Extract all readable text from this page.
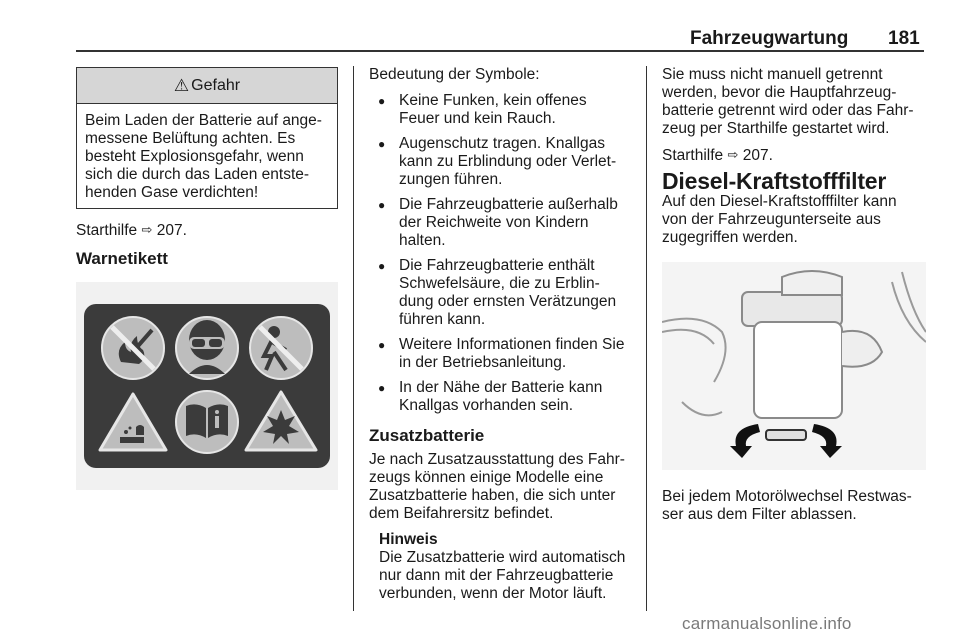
Fahrzeugwartung 181
⚠ Gefahr

Beim Laden der Batterie auf ange-

messene Belüftung achten. Es

besteht Explosionsgefahr, wenn

sich die durch das Laden entste-

henden Gase verdichten!

Starthilfe ⇨ 207.
Warnetikett

Bedeutung der Symbole:

● Keine Funken, kein offenes

Feuer und kein Rauch.

● Augenschutz tragen. Knallgas

kann zu Erblindung oder Verlet-

zungen führen.

● Die Fahrzeugbatterie außerhalb

der Reichweite von Kindern

halten.

● Die Fahrzeugbatterie enthält

Schwefelsäure, die zu Erblin-

dung oder ernsten Verätzungen

führen kann.

● Weitere Informationen finden Sie

in der Betriebsanleitung.

● In der Nähe der Batterie kann

Knallgas vorhanden sein.

Zusatzbatterie

Je nach Zusatzausstattung des Fahr-

zeugs können einige Modelle eine

Zusatzbatterie haben, die sich unter

dem Beifahrersitz befindet.

Hinweis

Die Zusatzbatterie wird automatisch

nur dann mit der Fahrzeugbatterie

verbunden, wenn der Motor läuft.

Sie muss nicht manuell getrennt

werden, bevor die Hauptfahrzeug-

batterie getrennt wird oder das Fahr-

zeug per Starthilfe gestartet wird.

Starthilfe ⇨ 207.

Diesel-Kraftstofffilter

Auf den Diesel-Kraftstofffilter kann

von der Fahrzeugunterseite aus

zugegriffen werden.

Bei jedem Motorölwechsel Restwas-

ser aus dem Filter ablassen.

carmanualsonline.info
